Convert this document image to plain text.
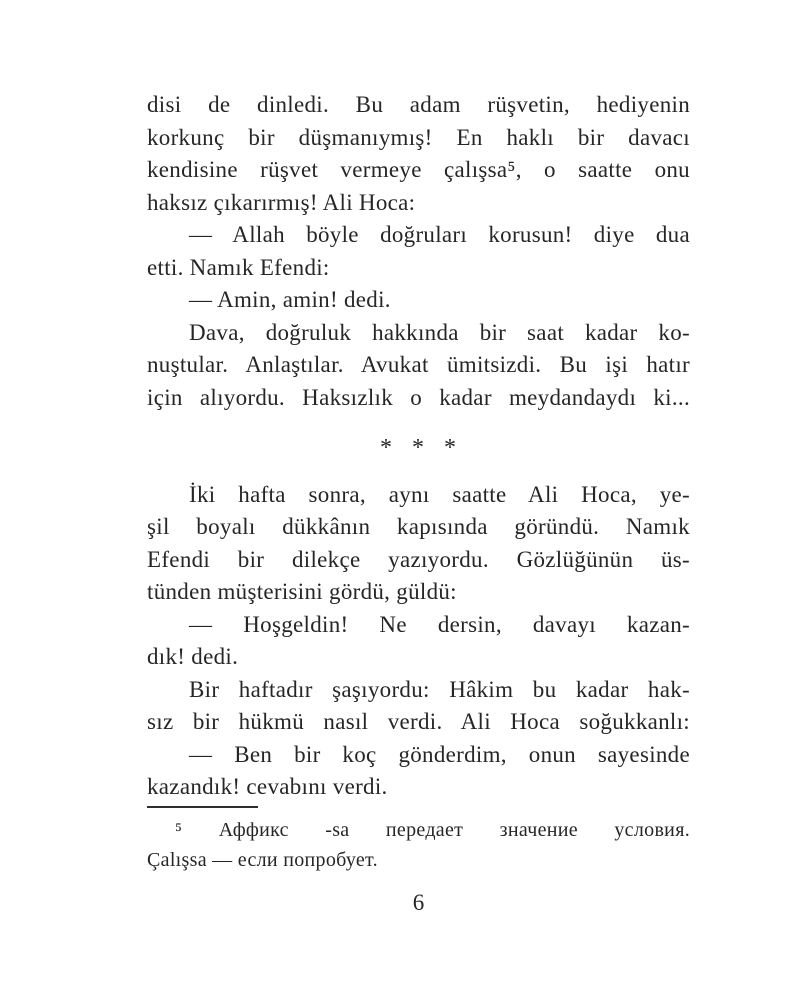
disi de dinledi. Bu adam rüşvetin, hediyenin
korkunç bir düşmanıymış! En haklı bir davacı
kendisine rüşvet vermeye çalışsa⁵, o saatte onu
haksız çıkarırmış! Ali Hoca:
— Allah böyle doğruları korusun! diye dua
etti. Namık Efendi:
— Amin, amin! dedi.
Dava, doğruluk hakkında bir saat kadar ko-
nuştular. Anlaştılar. Avukat ümitsizdi. Bu işi hatır
için alıyordu. Haksızlık o kadar meydandaydı ki...
* * *
İki hafta sonra, aynı saatte Ali Hoca, ye-
şil boyalı dükkânın kapısında göründü. Namık
Efendi bir dilekçe yazıyordu. Gözlüğünün üs-
tünden müşterisini gördü, güldü:
— Hoşgeldin! Ne dersin, davayı kazan-
dık! dedi.
Bir haftadır şaşıyordu: Hâkim bu kadar hak-
sız bir hükmü nasıl verdi. Ali Hoca soğukkanlı:
— Ben bir koç gönderdim, onun sayesinde
kazandık! cevabını verdi.
⁵ Аффикс -sa передает значение условия.
Çalışsa — если попробует.
6
